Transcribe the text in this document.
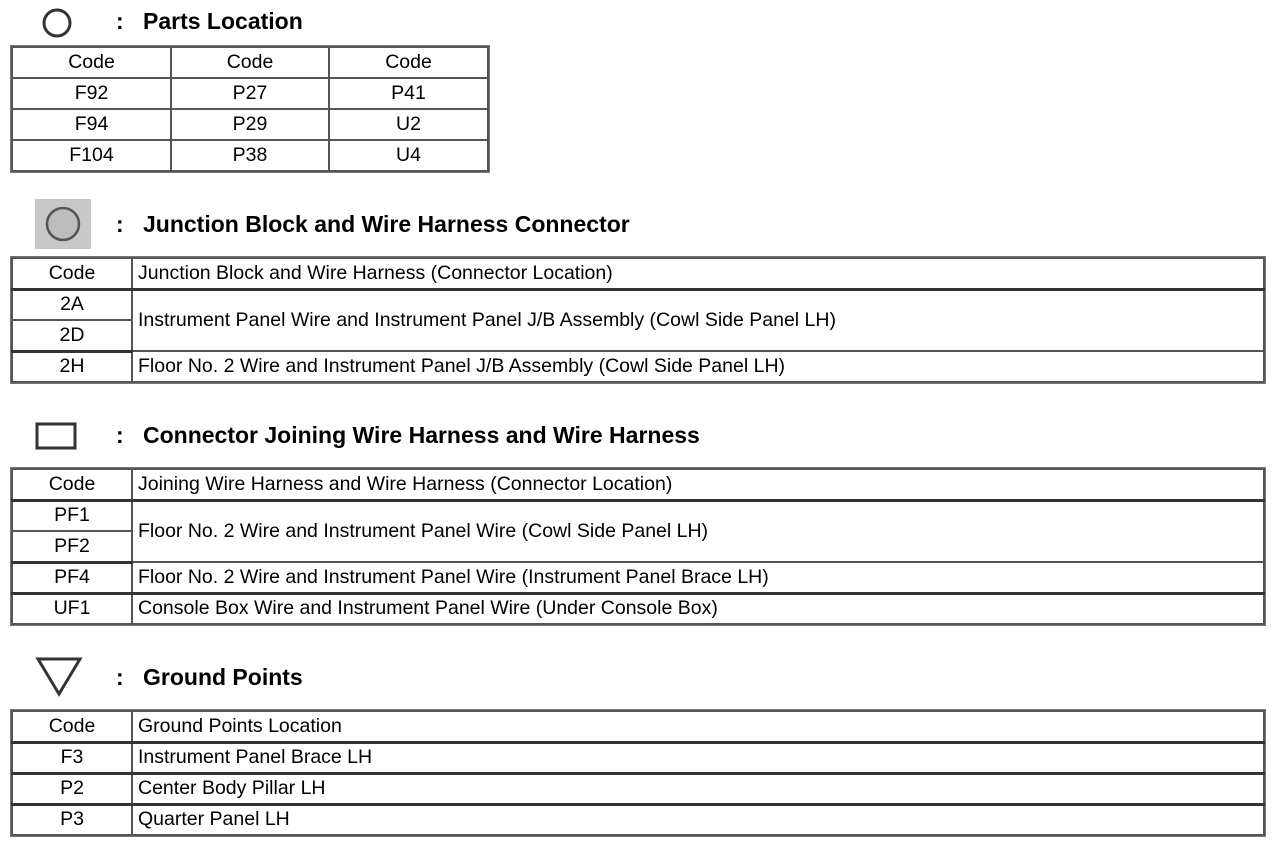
: Parts Location
Code	Code	Code
F92	P27	P41
F94	P29	U2
F104	P38	U4
: Junction Block and Wire Harness Connector
Code	Junction Block and Wire Harness (Connector Location)
2A	Instrument Panel Wire and Instrument Panel J/B Assembly (Cowl Side Panel LH)
2D	
2H	Floor No. 2 Wire and Instrument Panel J/B Assembly (Cowl Side Panel LH)
: Connector Joining Wire Harness and Wire Harness
Code	Joining Wire Harness and Wire Harness (Connector Location)
PF1	Floor No. 2 Wire and Instrument Panel Wire (Cowl Side Panel LH)
PF2	
PF4	Floor No. 2 Wire and Instrument Panel Wire (Instrument Panel Brace LH)
UF1	Console Box Wire and Instrument Panel Wire (Under Console Box)
: Ground Points
Code	Ground Points Location
F3	Instrument Panel Brace LH
P2	Center Body Pillar LH
P3	Quarter Panel LH
